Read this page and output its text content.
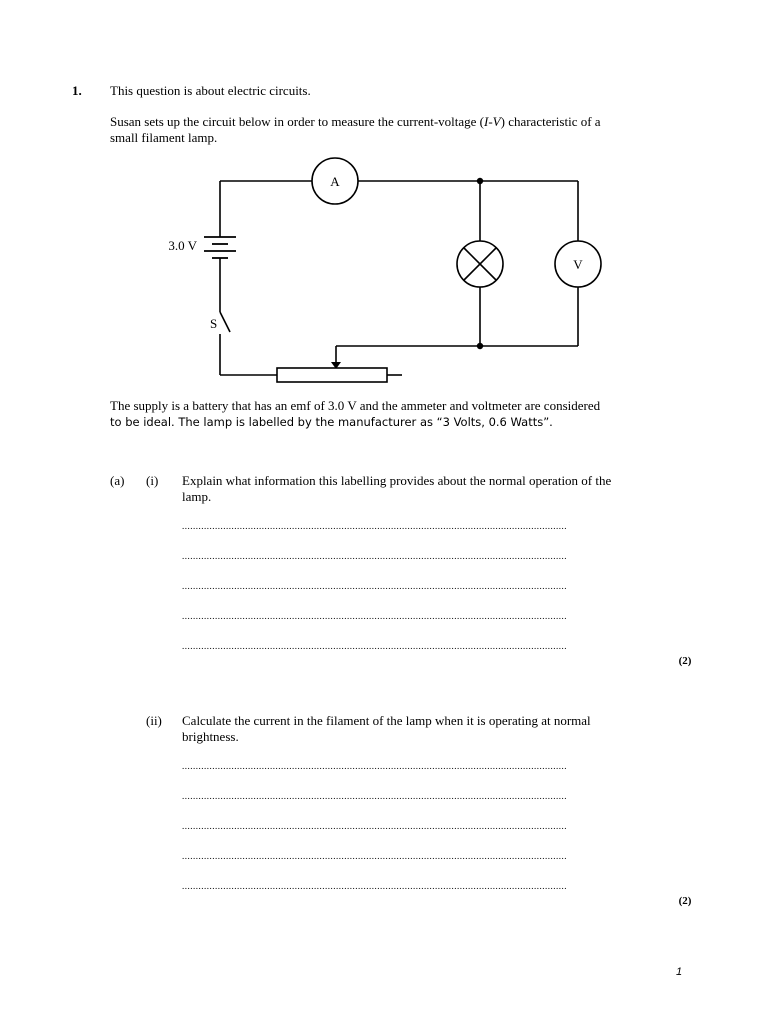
1. This question is about electric circuits.
Susan sets up the circuit below in order to measure the current-voltage (I-V) characteristic of a
small filament lamp.
A
V
3.0 V
S
The supply is a battery that has an emf of 3.0 V and the ammeter and voltmeter are considered
to be ideal. The lamp is labelled by the manufacturer as “3 Volts, 0.6 Watts”.
(a) (i) Explain what information this labelling provides about the normal operation of the
lamp.
............................................................................................................................................
............................................................................................................................................
............................................................................................................................................
............................................................................................................................................
............................................................................................................................................
(2)
(ii) Calculate the current in the filament of the lamp when it is operating at normal
brightness.
............................................................................................................................................
............................................................................................................................................
............................................................................................................................................
............................................................................................................................................
............................................................................................................................................
(2)
1
